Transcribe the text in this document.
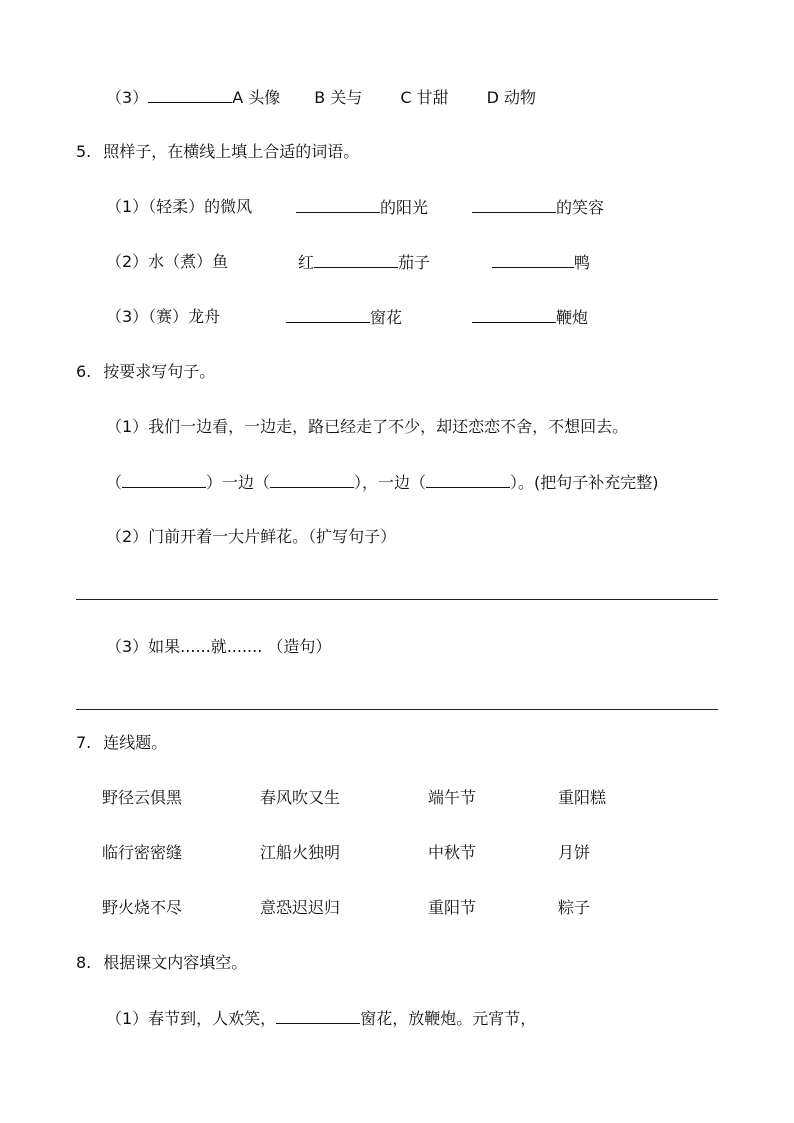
（3）	A 头像 B 关与 C 甘甜 D 动物
5. 照样子，在横线上填上合适的词语。
（1）（轻柔）的微风	的阳光	的笑容
（2）水（煮）鱼	红	茄子	鸭
（3）（赛）龙舟	窗花	鞭炮
6. 按要求写句子。
（1）我们一边看，一边走，路已经走了不少，却还恋恋不舍，不想回去。
（	）一边（	），一边（	）。(把句子补充完整)
（2）门前开着一大片鲜花。（扩写句子）
（3）如果......就....... （造句）
7. 连线题。
野径云俱黑	春风吹又生	端午节	重阳糕
临行密密缝	江船火独明	中秋节	月饼
野火烧不尽	意恐迟迟归	重阳节	粽子
8. 根据课文内容填空。
（1）春节到，人欢笑，	窗花，放鞭炮。元宵节，
